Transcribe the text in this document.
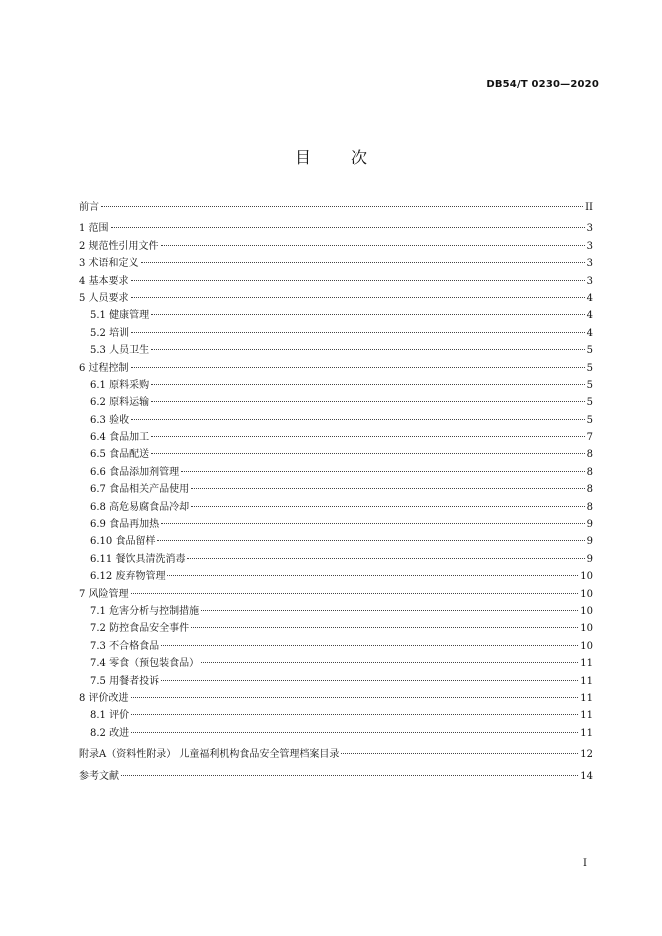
DB54/T 0230—2020
目	次
前言	II
1 范围	3
2 规范性引用文件	3
3 术语和定义	3
4 基本要求	3
5 人员要求	4
5.1 健康管理	4
5.2 培训	4
5.3 人员卫生	5
6 过程控制	5
6.1 原料采购	5
6.2 原料运输	5
6.3 验收	5
6.4 食品加工	7
6.5 食品配送	8
6.6 食品添加剂管理	8
6.7 食品相关产品使用	8
6.8 高危易腐食品冷却	8
6.9 食品再加热	9
6.10 食品留样	9
6.11 餐饮具清洗消毒	9
6.12 废弃物管理	10
7 风险管理	10
7.1 危害分析与控制措施	10
7.2 防控食品安全事件	10
7.3 不合格食品	10
7.4 零食（预包装食品）	11
7.5 用餐者投诉	11
8 评价改进	11
8.1 评价	11
8.2 改进	11
附录A（资料性附录） 儿童福利机构食品安全管理档案目录	12
参考文献	14
I
